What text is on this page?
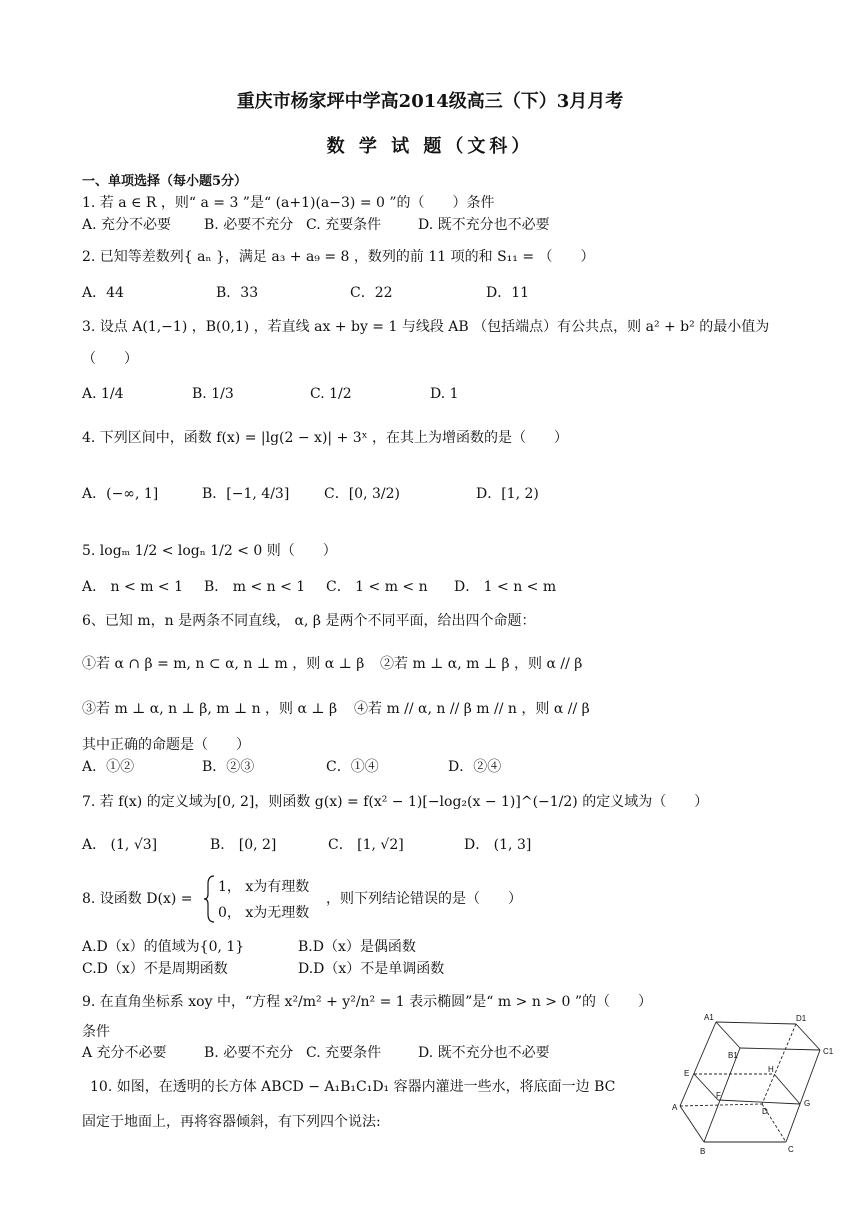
重庆市杨家坪中学高2014级高三（下）3月月考
数 学 试 题（文科）
一、单项选择（每小题5分）
1. 若 a ∈ R ，则“ a = 3 ”是“ (a+1)(a−3) = 0 ”的（　　）条件
A. 充分不必要 B. 必要不充分 C. 充要条件	D. 既不充分也不必要
2. 已知等差数列{ aₙ }，满足 a₃ + a₉ = 8 ，数列的前 11 项的和 S₁₁ = （　　）
A．44	B．33	C．22	D．11
3. 设点 A(1,−1) ，B(0,1) ，若直线 ax + by = 1 与线段 AB （包括端点）有公共点，则 a² + b² 的最小值为
（　　）
A. 1/4	B. 1/3	C. 1/2	D. 1
4. 下列区间中，函数 f(x) = |lg(2 − x)| + 3ˣ ，在其上为增函数的是（　　）
A．(−∞, 1]	B．[−1, 4/3] C．[0, 3/2)	D．[1, 2)
5. logₘ 1/2 < logₙ 1/2 < 0 则（　　）
A． n < m < 1 B． m < n < 1 C． 1 < m < n D． 1 < n < m
6、已知 m，n 是两条不同直线， α, β 是两个不同平面，给出四个命题：
①若 α ∩ β = m, n ⊂ α, n ⊥ m ，则 α ⊥ β ②若 m ⊥ α, m ⊥ β ，则 α // β
③若 m ⊥ α, n ⊥ β, m ⊥ n ，则 α ⊥ β ④若 m // α, n // β m // n ，则 α // β
其中正确的命题是（　　）
A．①②	B．②③	C．①④	D．②④
7. 若 f(x) 的定义域为[0, 2]，则函数 g(x) = f(x² − 1)[−log₂(x − 1)]^(−1/2) 的定义域为（　　）
A． (1, √3]	B． [0, 2]	C． [1, √2]	D． (1, 3]
8. 设函数 D(x) =
1， x为有理数
0， x为无理数
，则下列结论错误的是（　　）
A.D（x）的值域为{0, 1}	B.D（x）是偶函数
C.D（x）不是周期函数	D.D（x）不是单调函数
9. 在直角坐标系 xoy 中，“方程 x²/m² + y²/n² = 1 表示椭圆”是“ m > n > 0 ”的（　　）
条件
A 充分不必要	B. 必要不充分 C. 充要条件	D. 既不充分也不必要
10. 如图，在透明的长方体 ABCD − A₁B₁C₁D₁ 容器内灌进一些水，将底面一边 BC
固定于地面上，再将容器倾斜，有下列四个说法:
A1	D1
B1	C1
E	H
F
G
A	D
B	C
